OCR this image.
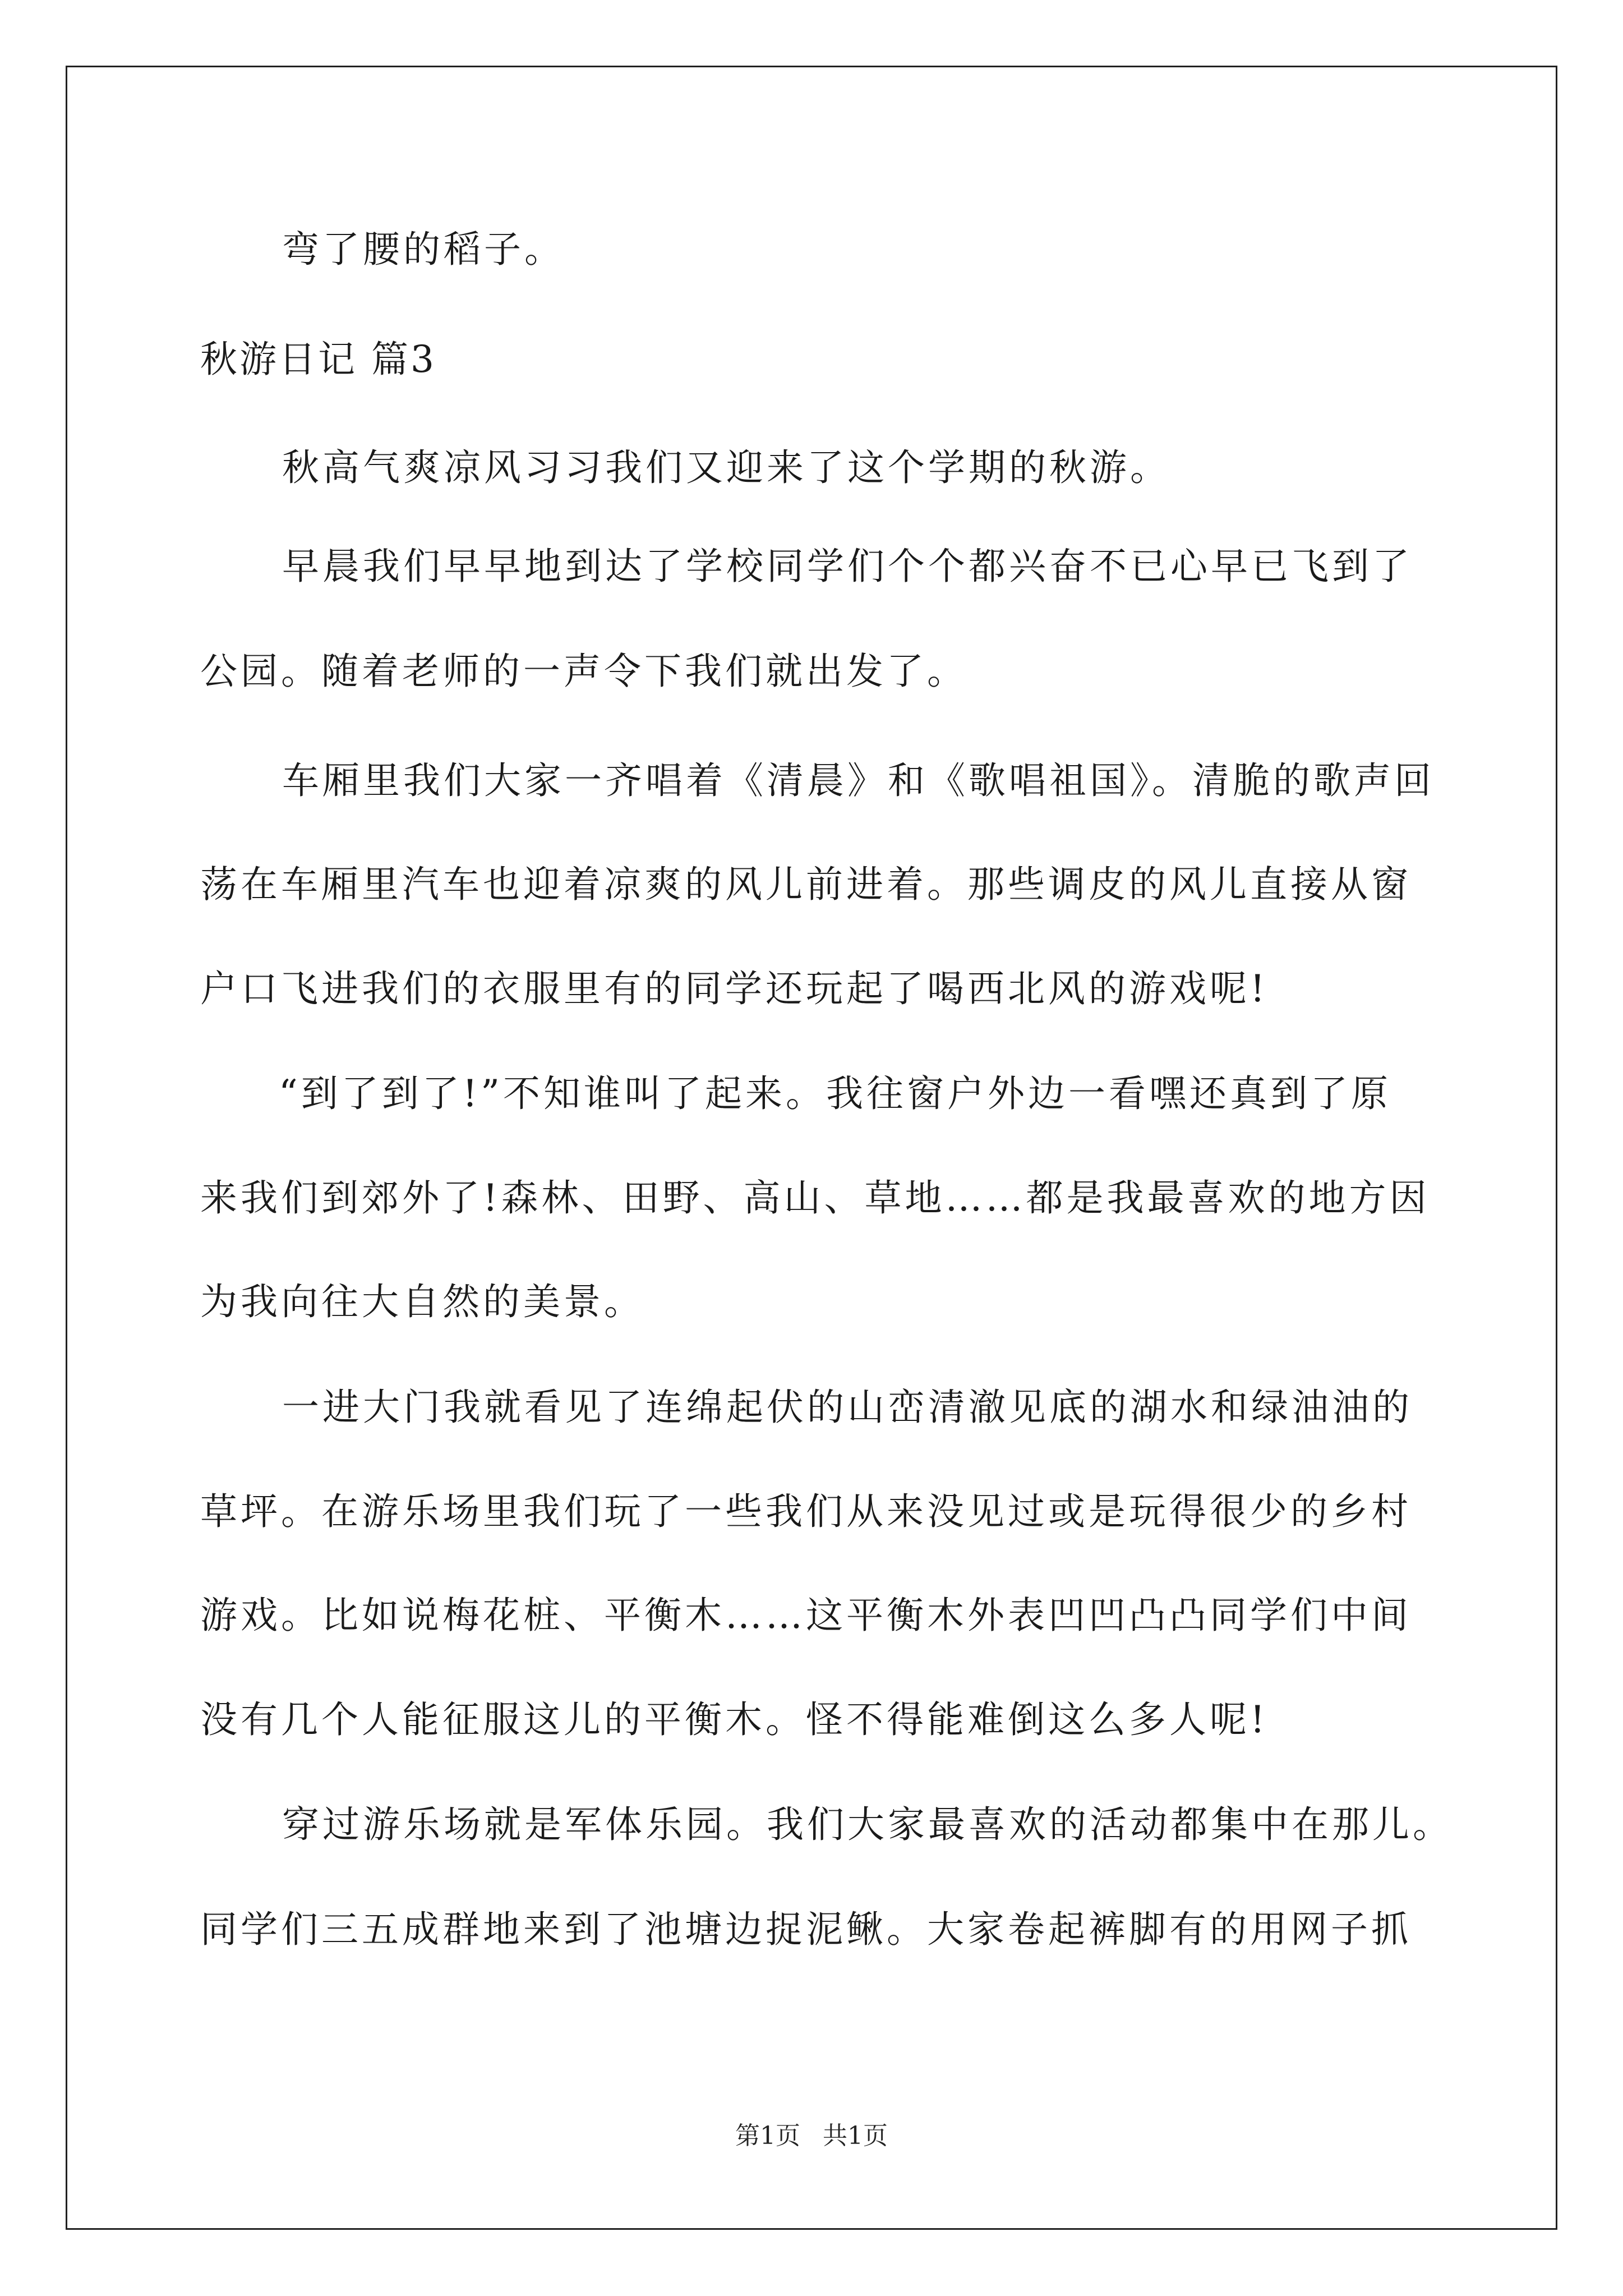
弯了腰的稻子。
秋游日记 篇3
秋高气爽凉风习习我们又迎来了这个学期的秋游。
早晨我们早早地到达了学校同学们个个都兴奋不已心早已飞到了
公园。随着老师的一声令下我们就出发了。
车厢里我们大家一齐唱着《清晨》和《歌唱祖国》。清脆的歌声回
荡在车厢里汽车也迎着凉爽的风儿前进着。那些调皮的风儿直接从窗
户口飞进我们的衣服里有的同学还玩起了喝西北风的游戏呢!
“到了到了!”不知谁叫了起来。我往窗户外边一看嘿还真到了原
来我们到郊外了!森林、田野、高山、草地……都是我最喜欢的地方因
为我向往大自然的美景。
一进大门我就看见了连绵起伏的山峦清澈见底的湖水和绿油油的
草坪。在游乐场里我们玩了一些我们从来没见过或是玩得很少的乡村
游戏。比如说梅花桩、平衡木……这平衡木外表凹凹凸凸同学们中间
没有几个人能征服这儿的平衡木。怪不得能难倒这么多人呢!
穿过游乐场就是军体乐园。我们大家最喜欢的活动都集中在那儿。
同学们三五成群地来到了池塘边捉泥鳅。大家卷起裤脚有的用网子抓
第1页 共1页
